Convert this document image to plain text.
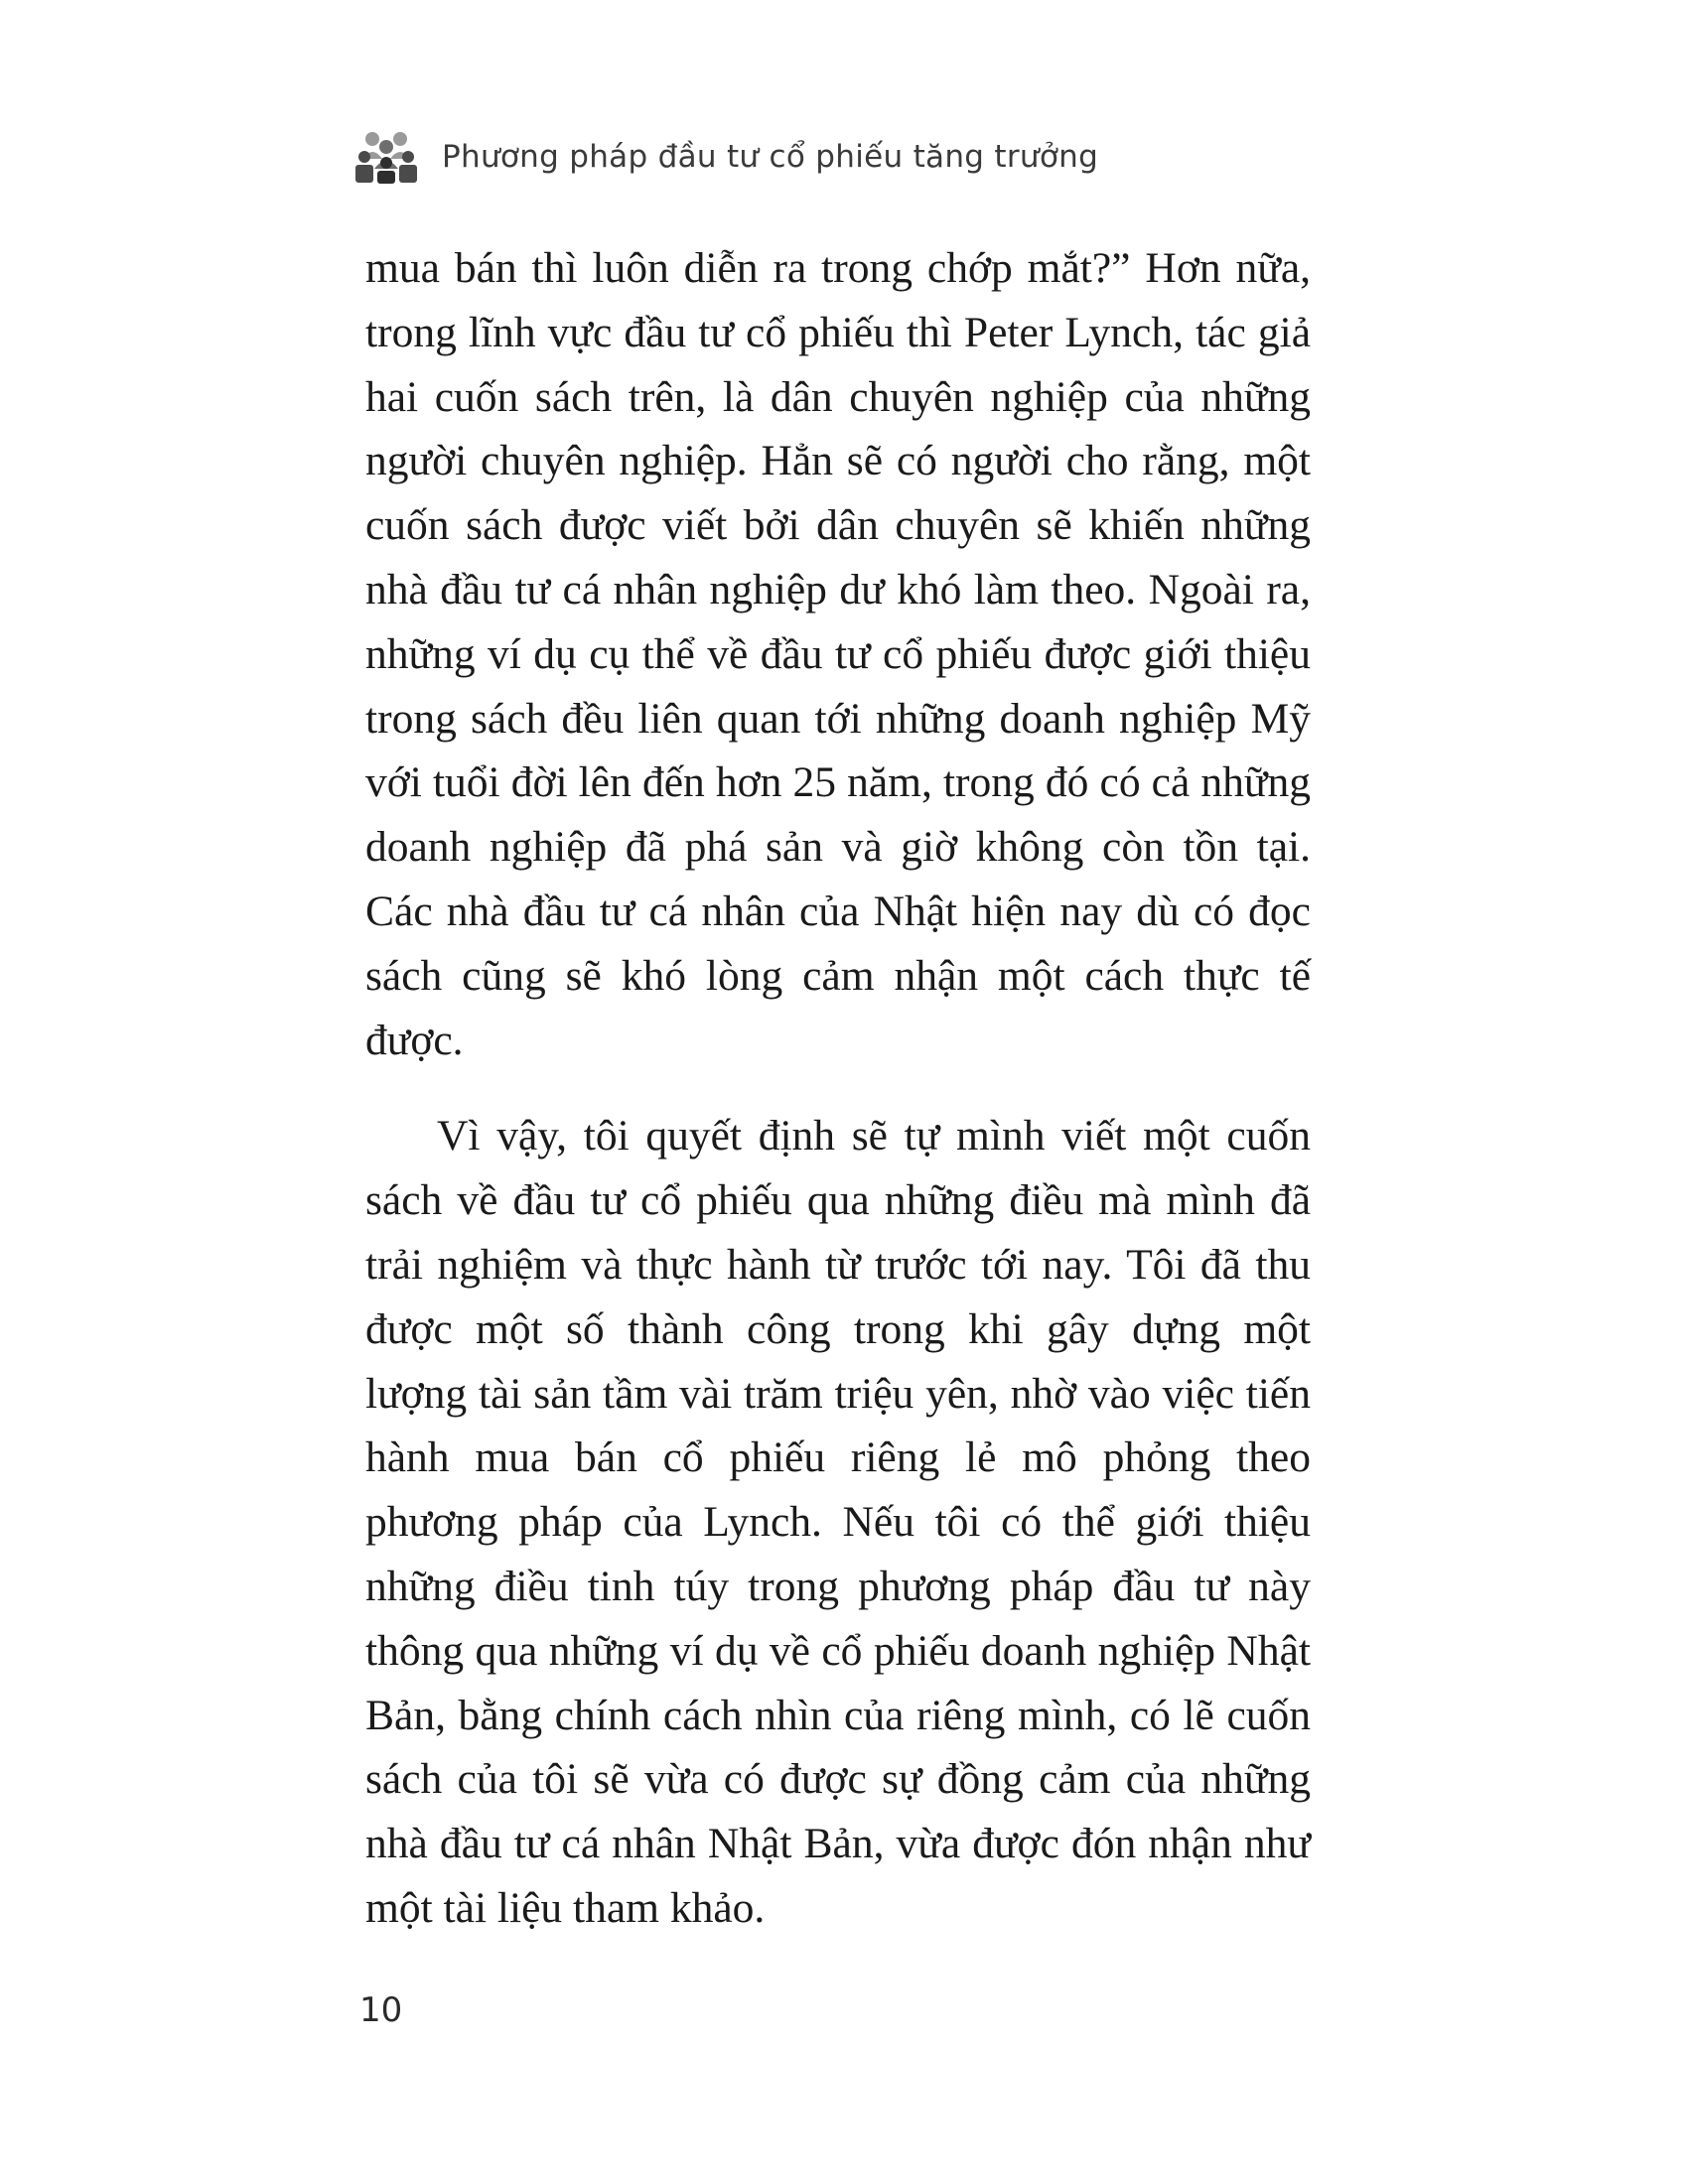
Phương pháp đầu tư cổ phiếu tăng trưởng

mua bán thì luôn diễn ra trong chớp mắt?” Hơn nữa, trong lĩnh vực đầu tư cổ phiếu thì Peter Lynch, tác giả hai cuốn sách trên, là dân chuyên nghiệp của những người chuyên nghiệp. Hẳn sẽ có người cho rằng, một cuốn sách được viết bởi dân chuyên sẽ khiến những nhà đầu tư cá nhân nghiệp dư khó làm theo. Ngoài ra, những ví dụ cụ thể về đầu tư cổ phiếu được giới thiệu trong sách đều liên quan tới những doanh nghiệp Mỹ với tuổi đời lên đến hơn 25 năm, trong đó có cả những doanh nghiệp đã phá sản và giờ không còn tồn tại. Các nhà đầu tư cá nhân của Nhật hiện nay dù có đọc sách cũng sẽ khó lòng cảm nhận một cách thực tế được.

Vì vậy, tôi quyết định sẽ tự mình viết một cuốn sách về đầu tư cổ phiếu qua những điều mà mình đã trải nghiệm và thực hành từ trước tới nay. Tôi đã thu được một số thành công trong khi gây dựng một lượng tài sản tầm vài trăm triệu yên, nhờ vào việc tiến hành mua bán cổ phiếu riêng lẻ mô phỏng theo phương pháp của Lynch. Nếu tôi có thể giới thiệu những điều tinh túy trong phương pháp đầu tư này thông qua những ví dụ về cổ phiếu doanh nghiệp Nhật Bản, bằng chính cách nhìn của riêng mình, có lẽ cuốn sách của tôi sẽ vừa có được sự đồng cảm của những nhà đầu tư cá nhân Nhật Bản, vừa được đón nhận như một tài liệu tham khảo.

10
